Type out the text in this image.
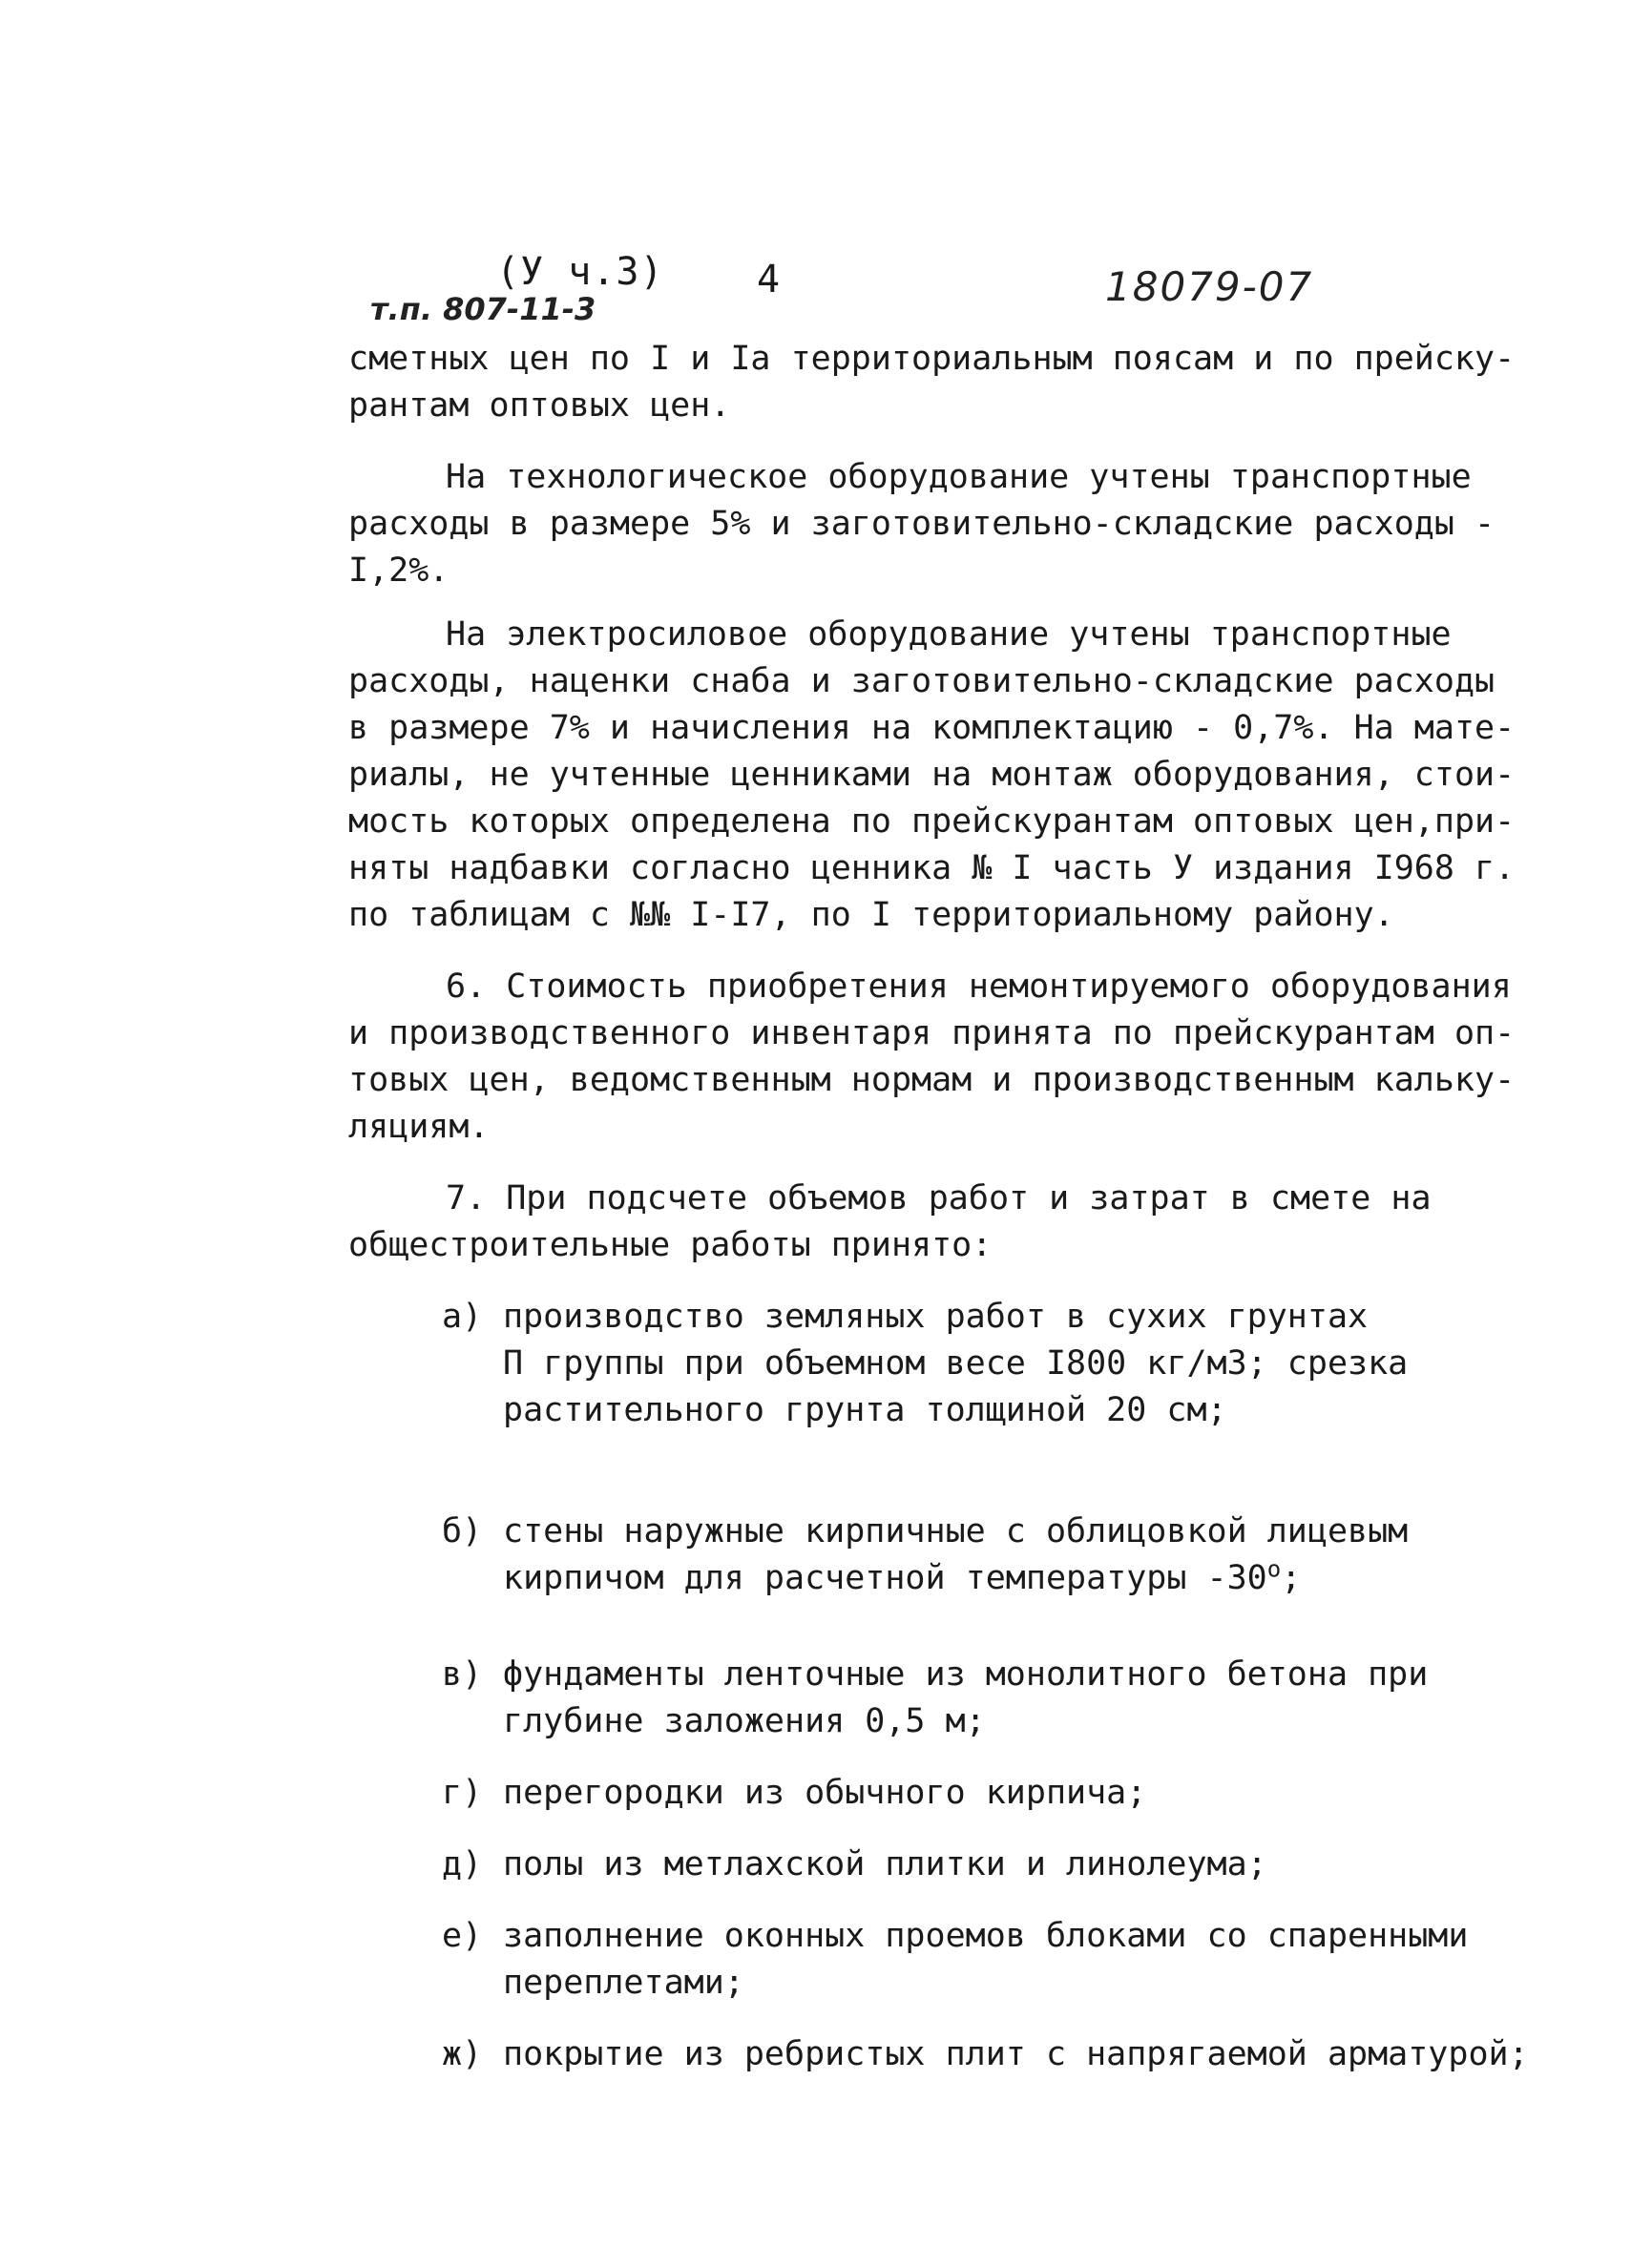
(У ч.3)
т.п. 807-11-3
4	18079-07

сметных цен по I и Iа территориальным поясам и по прейску-

рантам оптовых цен.

На технологическое оборудование учтены транспортные

расходы в размере 5% и заготовительно-складские расходы -

I,2%.

На электросиловое оборудование учтены транспортные

расходы, наценки снаба и заготовительно-складские расходы

в размере 7% и начисления на комплектацию - 0,7%. На мате-

риалы, не учтенные ценниками на монтаж оборудования, стои-

мость которых определена по прейскурантам оптовых цен,при-

няты надбавки согласно ценника № I часть У издания I968 г.

по таблицам с №№ I-I7, по I территориальному району.

6. Стоимость приобретения немонтируемого оборудования

и производственного инвентаря принята по прейскурантам оп-

товых цен, ведомственным нормам и производственным кальку-

ляциям.

7. При подсчете объемов работ и затрат в смете на

общестроительные работы принято:

а) производство земляных работ в сухих грунтах

П группы при объемном весе I800 кг/м3; срезка

растительного грунта толщиной 20 см;

б) стены наружные кирпичные с облицовкой лицевым

кирпичом для расчетной температуры $-30^о$;

в) фундаменты ленточные из монолитного бетона при

глубине заложения 0,5 м;

г) перегородки из обычного кирпича;

д) полы из метлахской плитки и линолеума;

е) заполнение оконных проемов блоками со спаренными

переплетами;

ж) покрытие из ребристых плит с напрягаемой арматурой;
